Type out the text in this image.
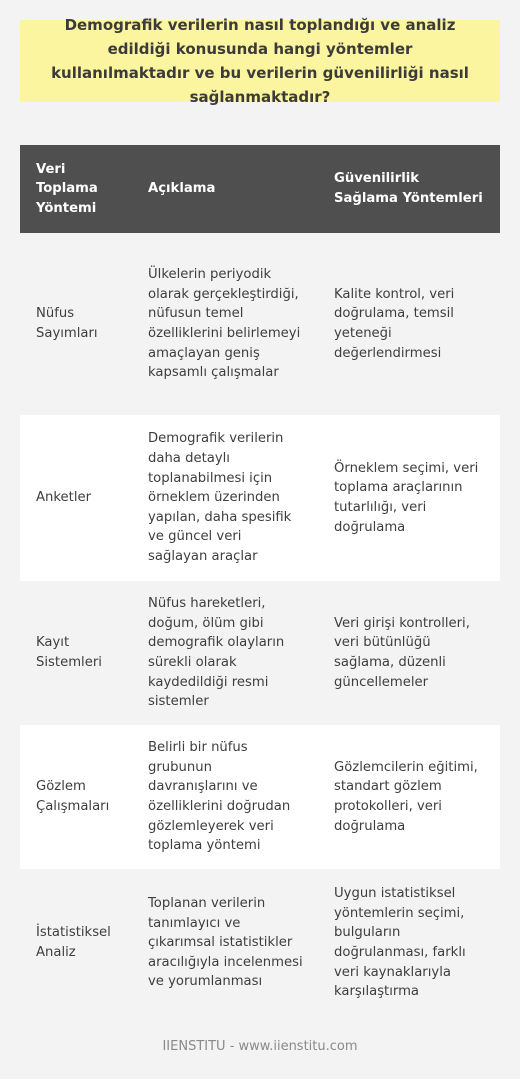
Demografik verilerin nasıl toplandığı ve analiz edildiği konusunda hangi yöntemler kullanılmaktadır ve bu verilerin güvenilirliği nasıl sağlanmaktadır?
Veri Toplama Yöntemi	Açıklama	Güvenilirlik Sağlama Yöntemleri
Nüfus Sayımları	Ülkelerin periyodik olarak gerçekleştirdiği, nüfusun temel özelliklerini belirlemeyi amaçlayan geniş kapsamlı çalışmalar	Kalite kontrol, veri doğrulama, temsil yeteneği değerlendirmesi
Anketler	Demografik verilerin daha detaylı toplanabilmesi için örneklem üzerinden yapılan, daha spesifik ve güncel veri sağlayan araçlar	Örneklem seçimi, veri toplama araçlarının tutarlılığı, veri doğrulama
Kayıt Sistemleri	Nüfus hareketleri, doğum, ölüm gibi demografik olayların sürekli olarak kaydedildiği resmi sistemler	Veri girişi kontrolleri, veri bütünlüğü sağlama, düzenli güncellemeler
Gözlem Çalışmaları	Belirli bir nüfus grubunun davranışlarını ve özelliklerini doğrudan gözlemleyerek veri toplama yöntemi	Gözlemcilerin eğitimi, standart gözlem protokolleri, veri doğrulama
İstatistiksel Analiz	Toplanan verilerin tanımlayıcı ve çıkarımsal istatistikler aracılığıyla incelenmesi ve yorumlanması	Uygun istatistiksel yöntemlerin seçimi, bulguların doğrulanması, farklı veri kaynaklarıyla karşılaştırma
IIENSTITU - www.iienstitu.com
